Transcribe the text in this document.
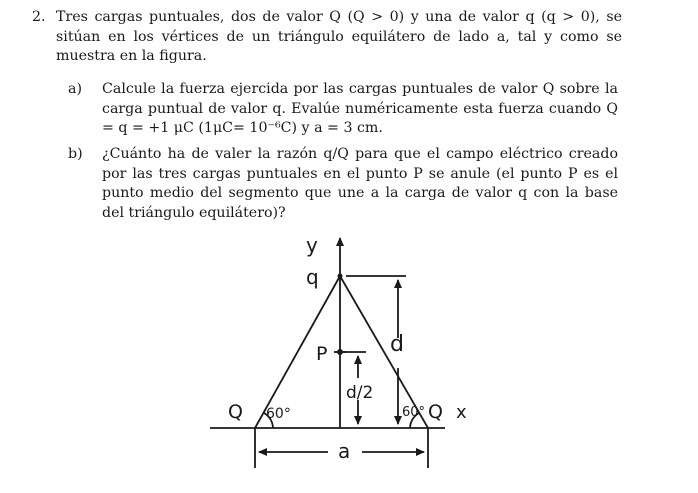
2. Tres cargas puntuales, dos de valor Q (Q > 0) y una de valor q (q > 0), se sitúan en los vértices de un triángulo equilátero de lado a, tal y como se muestra en la figura.
a) Calcule la fuerza ejercida por las cargas puntuales de valor Q sobre la carga puntual de valor q. Evalúe numéricamente esta fuerza cuando Q = q = +1 μC (1μC= 10⁻⁶C) y a = 3 cm.
b) ¿Cuánto ha de valer la razón q/Q para que el campo eléctrico creado por las tres cargas puntuales en el punto P se anule (el punto P es el punto medio del segmento que une a la carga de valor q con la base del triángulo equilátero)?
y
q
P	d
d/2
Q 60°	60° Q x
a
